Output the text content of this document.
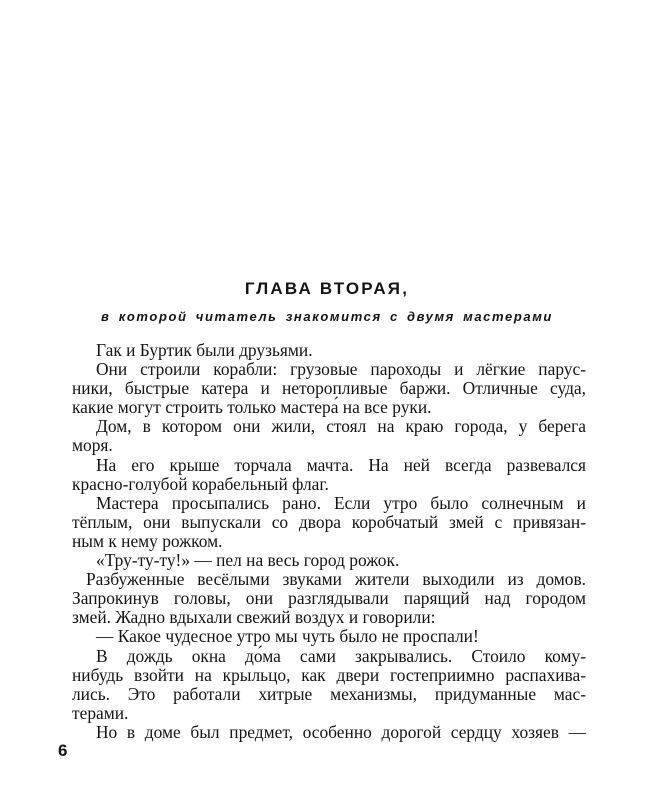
ГЛАВА ВТОРАЯ,

в которой читатель знакомится с двумя мастерами

Гак и Буртик были друзьями.
Они строили корабли: грузовые пароходы и лёгкие парус-
ники, быстрые катера и неторопливые баржи. Отличные суда,
какие могут строить только мастера́ на все руки.
Дом, в котором они жили, стоял на краю города, у берега
моря.
На его крыше торчала мачта. На ней всегда развевался
красно-голубой корабельный флаг.
Мастера просыпались рано. Если утро было солнечным и
тёплым, они выпускали со двора коробчатый змей с привязан-
ным к нему рожком.
«Тру-ту-ту!» — пел на весь город рожок.
Разбуженные весёлыми звуками жители выходили из домов.
Запрокинув головы, они разглядывали парящий над городом
змей. Жадно вдыхали свежий воздух и говорили:
— Какое чудесное утро мы чуть было не проспали!
В дождь окна до́ма сами закрывались. Стоило кому-
нибудь взойти на крыльцо, как двери гостеприимно распахива-
лись. Это работали хитрые механизмы, придуманные мас-
терами.
Но в доме был предмет, особенно дорогой сердцу хозяев —

6
